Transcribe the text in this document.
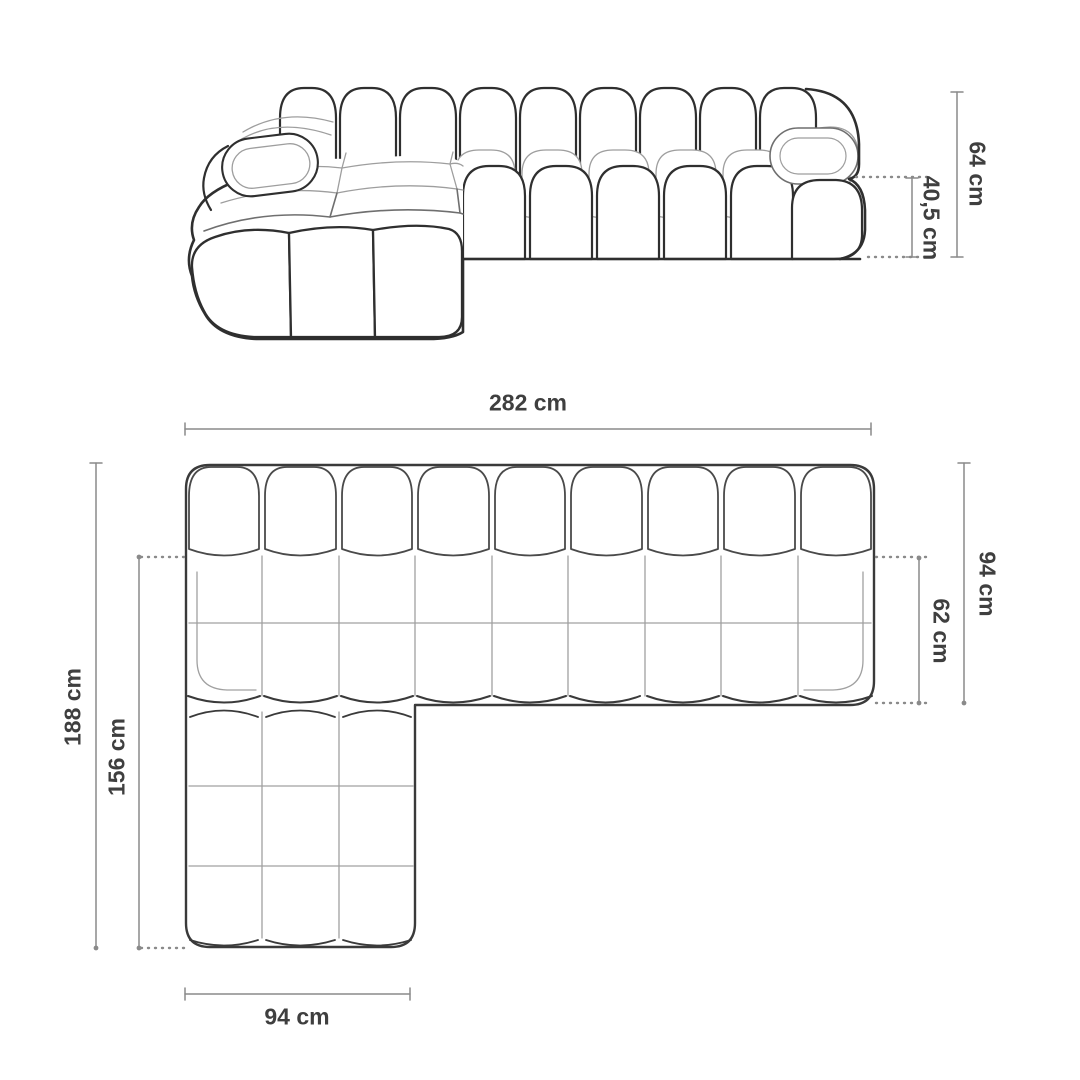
64 cm
40,5 cm
282 cm
188 cm
156 cm
94 cm
62 cm
94 cm
